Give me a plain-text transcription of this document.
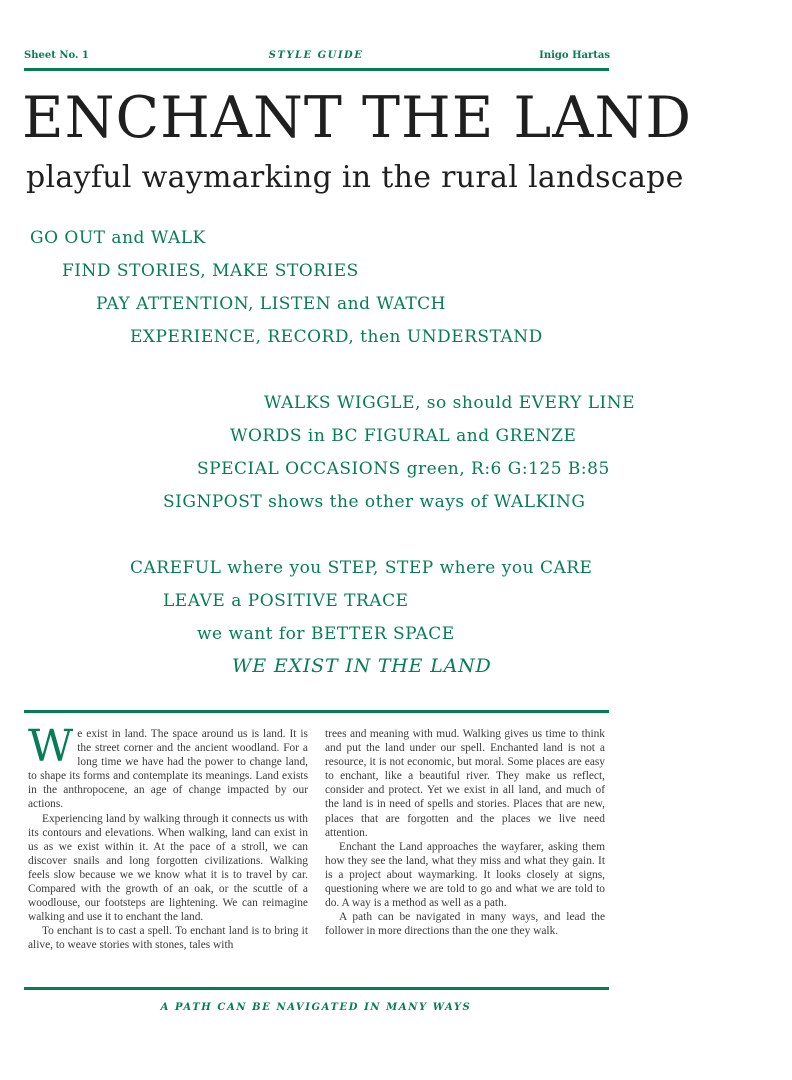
Sheet No. 1	STYLE GUIDE	Inigo Hartas
ENCHANT THE LAND
playful waymarking in the rural landscape
GO OUT and WALK
FIND STORIES, MAKE STORIES
PAY ATTENTION, LISTEN and WATCH
EXPERIENCE, RECORD, then UNDERSTAND
WALKS WIGGLE, so should EVERY LINE
WORDS in BC FIGURAL and GRENZE
SPECIAL OCCASIONS green, R:6 G:125 B:85
SIGNPOST shows the other ways of WALKING
CAREFUL where you STEP, STEP where you CARE
LEAVE a POSITIVE TRACE
we want for BETTER SPACE
WE EXIST IN THE LAND

We exist in land. The space around us is land. It is the street corner and the ancient woodland. For a long time we have had the power to change land, to shape its forms and contemplate its meanings. Land exists in the anthropocene, an age of change impacted by our actions.

Experiencing land by walking through it connects us with its contours and elevations. When walking, land can exist in us as we exist within it. At the pace of a stroll, we can discover snails and long forgotten civilizations. Walking feels slow because we we know what it is to travel by car. Compared with the growth of an oak, or the scuttle of a woodlouse, our footsteps are lightening. We can reimagine walking and use it to enchant the land.

To enchant is to cast a spell. To enchant land is to bring it alive, to weave stories with stones, tales with

trees and meaning with mud. Walking gives us time to think and put the land under our spell. Enchanted land is not a resource, it is not economic, but moral. Some places are easy to enchant, like a beautiful river. They make us reflect, consider and protect. Yet we exist in all land, and much of the land is in need of spells and stories. Places that are new, places that are forgotten and the places we live need attention.

Enchant the Land approaches the wayfarer, asking them how they see the land, what they miss and what they gain. It is a project about waymarking. It looks closely at signs, questioning where we are told to go and what we are told to do. A way is a method as well as a path.

A path can be navigated in many ways, and lead the follower in more directions than the one they walk.

A PATH CAN BE NAVIGATED IN MANY WAYS
